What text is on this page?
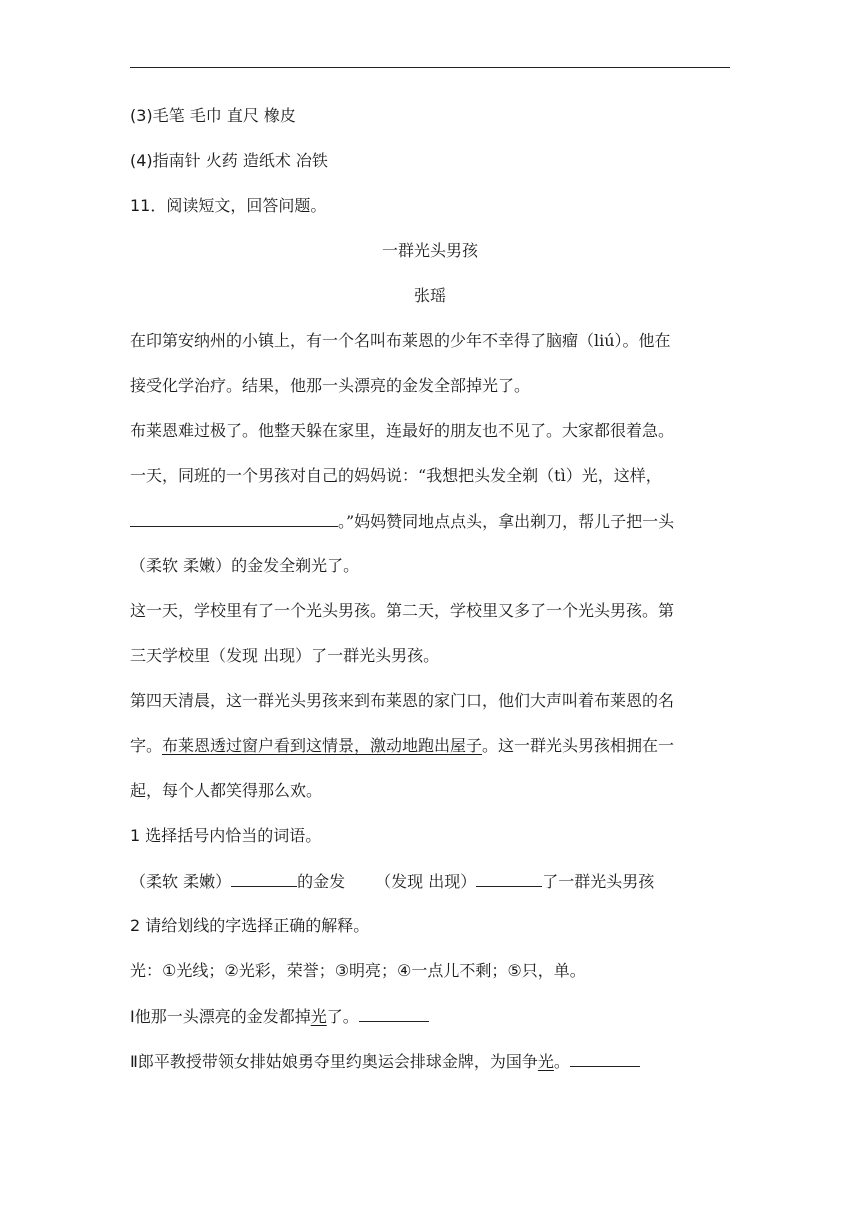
(3)毛笔 毛巾 直尺 橡皮
(4)指南针 火药 造纸术 冶铁
11．阅读短文，回答问题。
一群光头男孩
张瑶
在印第安纳州的小镇上，有一个名叫布莱恩的少年不幸得了脑瘤（liú）。他在
接受化学治疗。结果，他那一头漂亮的金发全部掉光了。
布莱恩难过极了。他整天躲在家里，连最好的朋友也不见了。大家都很着急。
一天，同班的一个男孩对自己的妈妈说：“我想把头发全剃（tì）光，这样，
。”妈妈赞同地点点头，拿出剃刀，帮儿子把一头
（柔软 柔嫩）的金发全剃光了。
这一天，学校里有了一个光头男孩。第二天，学校里又多了一个光头男孩。第
三天学校里（发现 出现）了一群光头男孩。
第四天清晨，这一群光头男孩来到布莱恩的家门口，他们大声叫着布莱恩的名
字。布莱恩透过窗户看到这情景，激动地跑出屋子。这一群光头男孩相拥在一
起，每个人都笑得那么欢。
1 选择括号内恰当的词语。
（柔软 柔嫩）	的金发 （发现 出现）	了一群光头男孩
2 请给划线的字选择正确的解释。
光：①光线；②光彩，荣誉；③明亮；④一点儿不剩；⑤只，单。
Ⅰ他那一头漂亮的金发都掉光了。
Ⅱ郎平教授带领女排姑娘勇夺里约奥运会排球金牌，为国争光。
